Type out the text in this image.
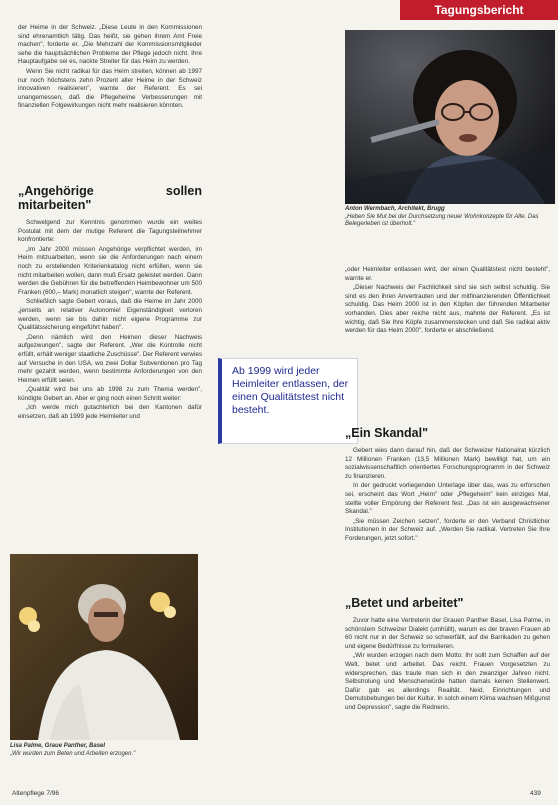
Tagungsbericht

der Heime in der Schweiz. „Diese Leute in den Kommissionen sind ehrenamtlich tätig. Das heißt, sie gehen ihrem Amt Freie machen", forderte er. „Die Mehrzahl der Kommissionsmitglieder sehe die hauptsächlichen Probleme der Pflege jedoch nicht. Ihre Hauptaufgabe sei es, nackte Streiter für das Heim zu werden.

Wenn Sie nicht radikal für das Heim streiten, können ab 1997 nur noch höchstens zehn Prozent aller Heime in der Schweiz innovativen realisieren", warnte der Referent. Es sei unangemessen, daß die Pflegeheime Verbesserungen mit finanziellen Folgewirkungen nicht mehr realisieren könnten.

„Angehörige sollen mitarbeiten"

Schwelgend zur Kenntnis genommen wurde ein weites Postulat mit dem der mutige Referent die Tagungsteilnehmer konfrontierte:

„Im Jahr 2000 müssen Angehörige verpflichtet werden, im Heim mitzuarbeiten, wenn sie die Anforderungen nach einem noch zu erstellenden Kriterienkatalog nicht erfüllen, wenn sie nicht mitarbeiten wollen, dann muß Ersatz geleistet werden. Dann werden die Gebühren für die betreffenden Heimbewohner um 500 Franken (600,– Mark) monatlich steigen", warnte der Referent.

Schließlich sagte Gebert voraus, daß die Heime im Jahr 2000 „jenseits an relativer Autonomie! Eigenständigkeit verloren werden, wenn sie bis dahin nicht eigene Programme zur Qualitätssicherung eingeführt haben".

„Denn nämlich wird den Heimen dieser Nachweis aufgezwungen", sagte der Referent. „Wer die Kontrolle nicht erfüllt, erhält weniger staatliche Zuschüsse". Der Referent verwies auf Versuche in den USA, wo zwei Dollar Subventionen pro Tag mehr gezahlt werden, wenn bestimmte Anforderungen von den Heimen erfüllt seien.

„Qualität wird bei uns ab 1998 zu zum Thema werden", kündigte Gebert an. Aber er ging noch einen Schritt weiter:

„Ich werde mich gutachterlich bei den Kantonen dafür einsetzen, daß ab 1999 jede Heimleiter und

Anton Wermbach, Architekt, Brugg
„Heben Sie Mut bei der Durchsetzung neuer Wohnkonzepte für Alte. Das Belegerleben ist überholt."

„oder Heimleiter entlassen wird, der einen Qualitätstest nicht besteht", warnte er.

„Dieser Nachweis der Fachlichkeit sind sie sich selbst schuldig. Sie sind es den ihren Anvertrauten und der mitfinanzierenden Öffentlichkeit schuldig. Das Heim 2000 ist in den Köpfen der führenden Mitarbeiter vorhanden. Dies aber reiche nicht aus, mahnte der Referent. „Es ist wichtig, daß Sie Ihre Köpfe zusammenstecken und daß Sie radikal aktiv werden für das Heim 2000", forderte er abschließend.

Ab 1999 wird jeder Heimleiter entlassen, der einen Qualitätstest nicht besteht.
„Ein Skandal"

Gebert wies dann darauf hin, daß der Schweizer Nationalrat kürzlich 12 Millionen Franken (13,5 Millionen Mark) bewilligt hat, um ein sozialwissenschaftlich orientiertes Forschungsprogramm in der Schweiz zu finanzieren.

In der gedruckt vorliegenden Unterlage über das, was zu erforschen sei, erscheint das Wort „Heim" oder „Pflegeheim" kein einziges Mal, stellte voller Empörung der Referent fest. „Das ist ein ausgewachsener Skandal."

„Sie müssen Zeichen setzen", forderte er den Verband Christlicher Institutionen in der Schweiz auf. „Werden Sie radikal. Vertreten Sie Ihre Forderungen, jetzt sofort."

„Betet und arbeitet"

Zuvor hatte eine Vertreterin der Grauen Panther Basel, Lisa Palme, in schönstem Schweizer Dialekt (umhüllt), warum es der braven Frauen ab 60 nicht nur in der Schweiz so schwerfällt, auf die Barrikaden zu gehen und eigene Bedürfnisse zu formulieren.

„Wir wurden erzogen nach dem Motto: Ihr sollt zum Schaffen auf der Welt, betet und arbeitet. Das reicht. Frauen Vorgesetzten zu widersprechen, das traute man sich in den zwanziger Jahren nicht. Selbstrolung und Menschenwürde hatten damals keinen Stellenwert. Dafür gab es allerdings Realität. Neid, Einrichtungen und Demutsbebungen bei der Kultur. In solch einem Klima wachsen Mißgunst und Depression", sagte die Rednerin.

Lisa Palme, Graue Panther, Basel
„Wir wurden zum Beten und Arbeiten erzogen."
Altenpflege 7/96	439
